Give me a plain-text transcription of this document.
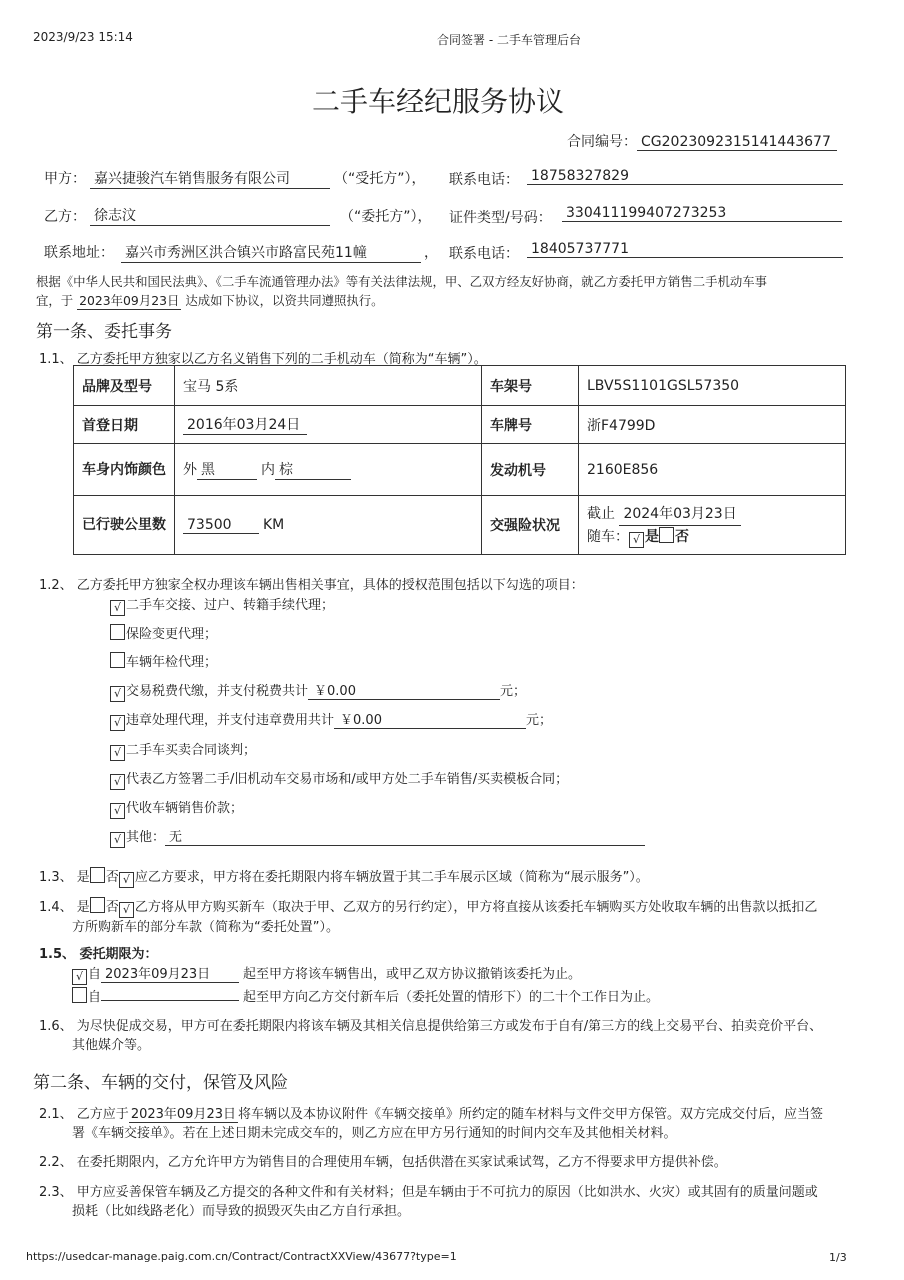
2023/9/23 15:14	合同签署 - 二手车管理后台
二手车经纪服务协议
合同编号： CG2023092315141443677
甲方： 嘉兴捷骏汽车销售服务有限公司	（“受托方”）， 联系电话： 18758327829
乙方： 徐志汶	（“委托方”）， 证件类型/号码： 330411199407273253
联系地址： 嘉兴市秀洲区洪合镇兴市路富民苑11幢	， 联系电话： 18405737771
根据《中华人民共和国民法典》、《二手车流通管理办法》等有关法律法规，甲、乙双方经友好协商，就乙方委托甲方销售二手机动车事
宜，于 2023年09月23日 达成如下协议，以资共同遵照执行。
第一条、委托事务
1.1、 乙方委托甲方独家以乙方名义销售下列的二手机动车（简称为“车辆”）。
品牌及型号	宝马 5系	车架号	LBV5S1101GSL57350
首登日期	2016年03月24日	车牌号	浙F4799D
车身内饰颜色	外 黑 内 棕	发动机号	2160E856
已行驶公里数	73500 KM	交强险状况	截止 2024年03月23日
随车： √ 是 否
1.2、 乙方委托甲方独家全权办理该车辆出售相关事宜，具体的授权范围包括以下勾选的项目：
√ 二手车交接、过户、转籍手续代理；
保险变更代理；
车辆年检代理；
√ 交易税费代缴，并支付税费共计 ￥0.00	元；
√ 违章处理代理，并支付违章费用共计 ￥0.00	元；
√ 二手车买卖合同谈判；
√ 代表乙方签署二手/旧机动车交易市场和/或甲方处二手车销售/买卖模板合同；
√ 代收车辆销售价款；
√ 其他： 无
1.3、 是 否 √ 应乙方要求，甲方将在委托期限内将车辆放置于其二手车展示区域（简称为“展示服务”）。
1.4、 是 否 √ 乙方将从甲方购买新车（取决于甲、乙双方的另行约定），甲方将直接从该委托车辆购买方处收取车辆的出售款以抵扣乙
方所购新车的部分车款（简称为“委托处置”）。
1.5、 委托期限为：
√ 自 2023年09月23日	起至甲方将该车辆售出，或甲乙双方协议撤销该委托为止。
自	起至甲方向乙方交付新车后（委托处置的情形下）的二十个工作日为止。
1.6、 为尽快促成交易，甲方可在委托期限内将该车辆及其相关信息提供给第三方或发布于自有/第三方的线上交易平台、拍卖竞价平台、
其他媒介等。
第二条、车辆的交付，保管及风险
2.1、 乙方应于 2023年09月23日 将车辆以及本协议附件《车辆交接单》所约定的随车材料与文件交甲方保管。双方完成交付后，应当签
署《车辆交接单》。若在上述日期未完成交车的，则乙方应在甲方另行通知的时间内交车及其他相关材料。
2.2、 在委托期限内，乙方允许甲方为销售目的合理使用车辆，包括供潜在买家试乘试驾，乙方不得要求甲方提供补偿。
2.3、 甲方应妥善保管车辆及乙方提交的各种文件和有关材料；但是车辆由于不可抗力的原因（比如洪水、火灾）或其固有的质量问题或
损耗（比如线路老化）而导致的损毁灭失由乙方自行承担。
https://usedcar-manage.paig.com.cn/Contract/ContractXXView/43677?type=1	1/3
